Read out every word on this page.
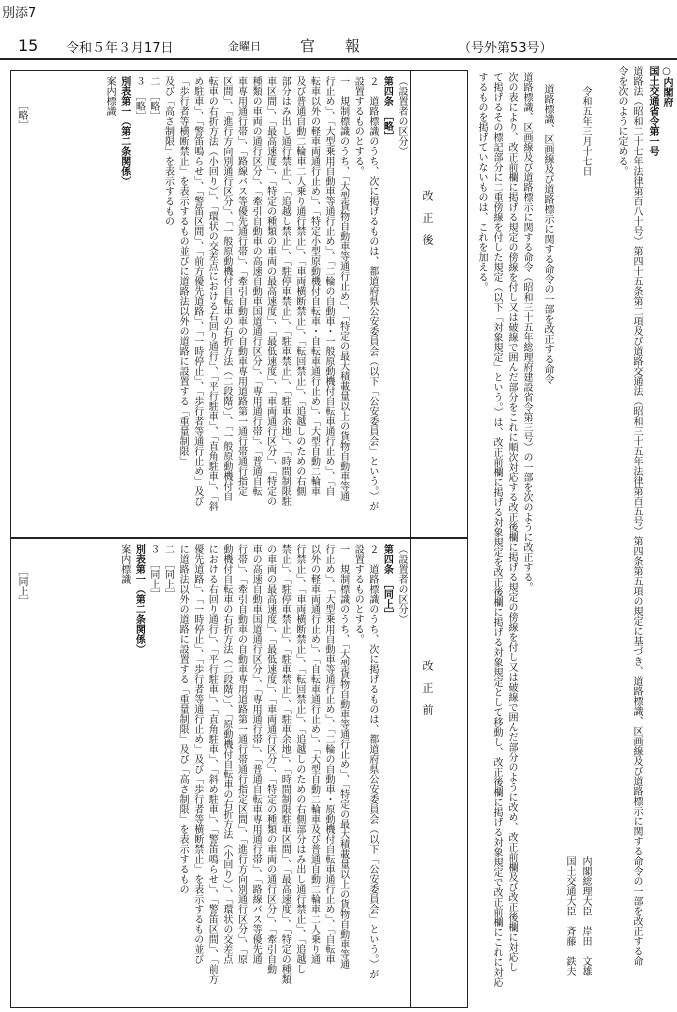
別添7
15 令和５年３月17日	金曜日	官　　報	（号外第53号）
○内閣府
国土交通省令第一号
道路法（昭和二十七年法律第百八十号）第四十五条第二項及び道路交通法（昭和三十五年法律第百五号）第四条第五項の規定に基づき、道路標識、区画線及び道路標示に関する命令の一部を改正する命
令を次のように定める。
令和五年三月十七日
内閣総理大臣　岸田　文雄
国土交通大臣　斉藤　鉄夫
道路標識、区画線及び道路標示に関する命令の一部を改正する命令
道路標識、区画線及び道路標示に関する命令（昭和三十五年総理府建設省令第三号）の一部を次のように改正する。
次の表により、改正前欄に掲げる規定の傍線を付し又は破線で囲んだ部分をこれに順次対応する改正後欄に掲げる規定の傍線を付し又は破線で囲んだ部分のように改め、改正前欄及び改正後欄に対応し
て掲げるその標記部分に二重傍線を付した規定（以下「対象規定」という。）は、改正前欄に掲げる対象規定を改正後欄に掲げる対象規定として移動し、改正後欄に掲げる対象規定で改正前欄にこれに対応
するものを掲げていないものは、これを加える。
改　正　後
［略］	（設置者の区分）
第四条　［略］
２　道路標識のうち、次に掲げるものは、都道府県公安委員会（以下「公安委員会」という。）が
設置するものとする。
一　規制標識のうち、「大型貨物自動車等通行止め」、「特定の最大積載量以上の貨物自動車等通
行止め」、「大型乗用自動車等通行止め」、「二輪の自動車・一般原動機付自転車通行止め」、「自
転車以外の軽車両通行止め」、「特定小型原動機付自転車・自転車通行止め」、「大型自動二輪車
及び普通自動二輪車二人乗り通行禁止」、「車両横断禁止」、「転回禁止」、「追越しのための右側
部分はみ出し通行禁止」、「追越し禁止」、「駐停車禁止」、「駐車禁止」、「駐車余地」、「時間制限駐
車区間」、「最高速度」、「特定の種類の車両の最高速度」、「最低速度」、「車両通行区分」、「特定の
種類の車両の通行区分」、「牽引自動車の高速自動車国道通行区分」、「専用通行帯」、「普通自転
車専用通行帯」、「路線バス等優先通行帯」、「牽引自動車の自動車専用道路第一通行帯通行指定
区間」、「進行方向別通行区分」、「一般原動機付自転車の右折方法（二段階）」、「一般原動機付自
転車の右折方法（小回り）」、「環状の交差点における右回り通行」、「平行駐車」、「直角駐車」、「斜
め駐車」、「警笛鳴らせ」、「警笛区間」、「前方優先道路」、「一時停止」、「歩行者等通行止め」及び
「歩行者等横断禁止」を表示するもの並びに道路法以外の道路に設置する「重量制限」
及び「高さ制限」を表示するもの
二　［略］
３　［略］
別表第一（第二条関係）
案内標識
改　正　前
［同上］	（設置者の区分）
第四条　［同上］
２　道路標識のうち、次に掲げるものは、都道府県公安委員会（以下「公安委員会」という。）が
設置するものとする。
一　規制標識のうち、「大型貨物自動車等通行止め」、「特定の最大積載量以上の貨物自動車等通
行止め」、「大型乗用自動車等通行止め」、「二輪の自動車・原動機付自転車通行止め」、「自転車
以外の軽車両通行止め」、「自転車通行止め」、「大型自動二輪車及び普通自動二輪車二人乗り通
行禁止」、「車両横断禁止」、「転回禁止」、「追越しのための右側部分はみ出し通行禁止」、「追越し
禁止」、「駐停車禁止」、「駐車禁止」、「駐車余地」、「時間制限駐車区間」、「最高速度」、「特定の種類
の車両の最高速度」、「最低速度」、「車両通行区分」、「特定の種類の車両の通行区分」、「牽引自動
車の高速自動車国道通行区分」、「専用通行帯」、「普通自転車専用通行帯」、「路線バス等優先通
行帯」、「牽引自動車の自動車専用道路第一通行帯通行指定区間」、「進行方向別通行区分」、「原
動機付自転車の右折方法（二段階）」、「原動機付自転車の右折方法（小回り）」、「環状の交差点
における右回り通行」、「平行駐車」、「直角駐車」、「斜め駐車」、「警笛鳴らせ」、「警笛区間」、「前方
優先道路」、「一時停止」、「歩行者等通行止め」及び「歩行者等横断禁止」を表示するもの並び
に道路法以外の道路に設置する「重量制限」及び「高さ制限」を表示するもの
二　［同上］
３　［同上］
別表第一（第二条関係）
案内標識
